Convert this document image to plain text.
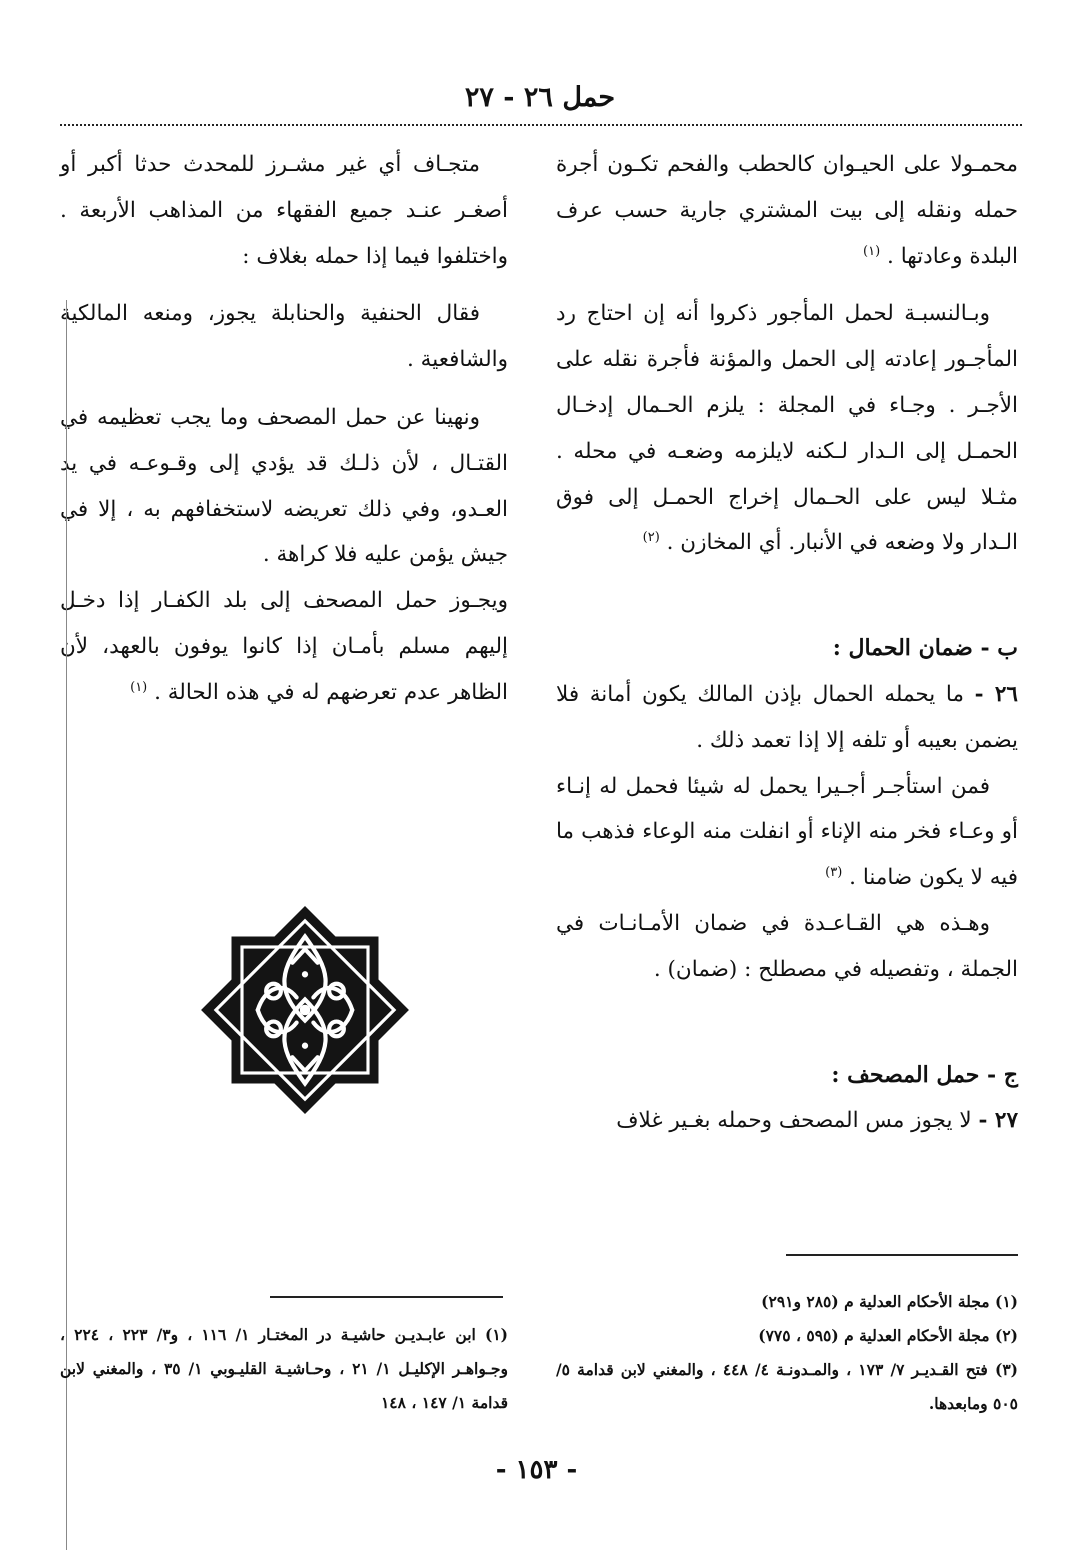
حمل ٢٦ - ٢٧

محمـولا على الحيـوان كالحطب والفحم تكـون أجرة حمله ونقله إلى بيت المشتري جارية حسب عرف البلدة وعادتها . $^{(١)}$

وبـالنسبـة لحمل المأجور ذكروا أنه إن احتاج رد المأجـور إعادته إلى الحمل والمؤنة فأجرة نقله على الأجـر . وجـاء في المجلة : يلزم الحـمال إدخـال الحمـل إلى الـدار لـكنه لايلزمه وضعـه في محله . مثـلا ليس على الحـمال إخراج الحمـل إلى فوق الـدار ولا وضعه في الأنبار. أي المخازن . $^{(٢)}$

ب - ضمان الحمال :

٢٦ - ما يحمله الحمال بإذن المالك يكون أمانة فلا يضمن بعيبه أو تلفه إلا إذا تعمد ذلك .

فمن استأجـر أجـيرا يحمل له شيئا فحمل له إنـاء أو وعـاء فخر منه الإناء أو انفلت منه الوعاء فذهب ما فيه لا يكون ضامنا . $^{(٣)}$

وهـذه هي القـاعـدة في ضمان الأمـانـات في الجملة ، وتفصيله في مصطلح : (ضمان) .

ج - حمل المصحف :

٢٧ - لا يجوز مس المصحف وحمله بغـير غلاف

متجـاف أي غير مشـرز للمحدث حدثا أكبر أو أصغـر عنـد جميع الفقهاء من المذاهب الأربعة . واختلفوا فيما إذا حمله بغلاف :

فقال الحنفية والحنابلة يجوز، ومنعه المالكية والشافعية .

ونهينا عن حمل المصحف وما يجب تعظيمه في القتـال ، لأن ذلـك قد يؤدي إلى وقـوعـه في يد العـدو، وفي ذلك تعريضه لاستخفافهم به ، إلا في جيش يؤمن عليه فلا كراهة .

ويجـوز حمل المصحف إلى بلد الكفـار إذا دخـل إليهم مسلم بأمـان إذا كانوا يوفون بالعهد، لأن الظاهر عدم تعرضهم له في هذه الحالة . $^{(١)}$

(١) مجلة الأحكام العدلية م (٢٨٥ و٢٩١)

(٢) مجلة الأحكام العدلية م (٥٩٥ ، ٧٧٥)

(٣) فتح القـديـر ٧/ ١٧٣ ، والمـدونـة ٤/ ٤٤٨ ، والمغني لابن قدامة ٥/ ٥٠٥ ومابعدها.

(١) ابن عابـديـن حاشيـة در المختـار ١/ ١١٦ ، و٣/ ٢٢٣ ، ٢٢٤ ، وجـواهـر الإكليـل ١/ ٢١ ، وحـاشيـة القليـوبي ١/ ٣٥ ، والمغني لابن قدامة ١/ ١٤٧ ، ١٤٨

- ١٥٣ -
